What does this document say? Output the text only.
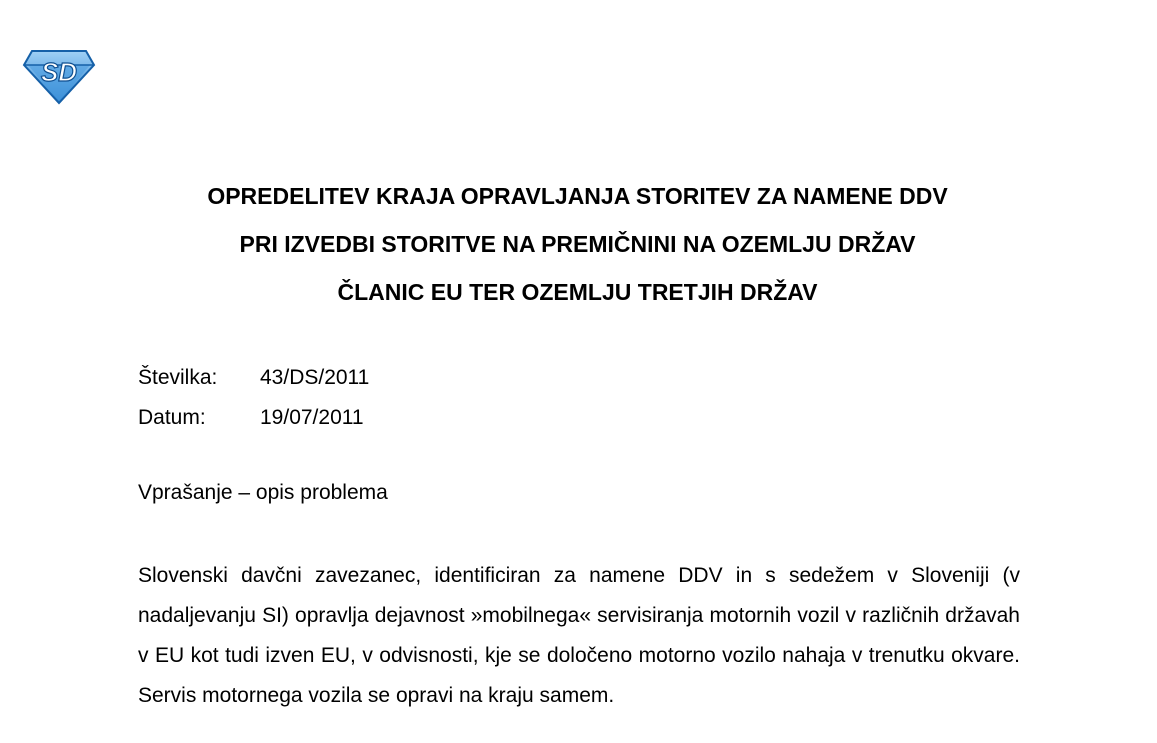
SD
OPREDELITEV KRAJA OPRAVLJANJA STORITEV ZA NAMENE DDV
PRI IZVEDBI STORITVE NA PREMIČNINI NA OZEMLJU DRŽAV
ČLANIC EU TER OZEMLJU TRETJIH DRŽAV
Številka: 43/DS/2011
Datum:	19/07/2011
Vprašanje – opis problema
Slovenski davčni zavezanec, identificiran za namene DDV in s sedežem v Sloveniji (v nadaljevanju SI) opravlja dejavnost »mobilnega« servisiranja motornih vozil v različnih državah v EU kot tudi izven EU, v odvisnosti, kje se določeno motorno vozilo nahaja v trenutku okvare. Servis motornega vozila se opravi na kraju samem.
